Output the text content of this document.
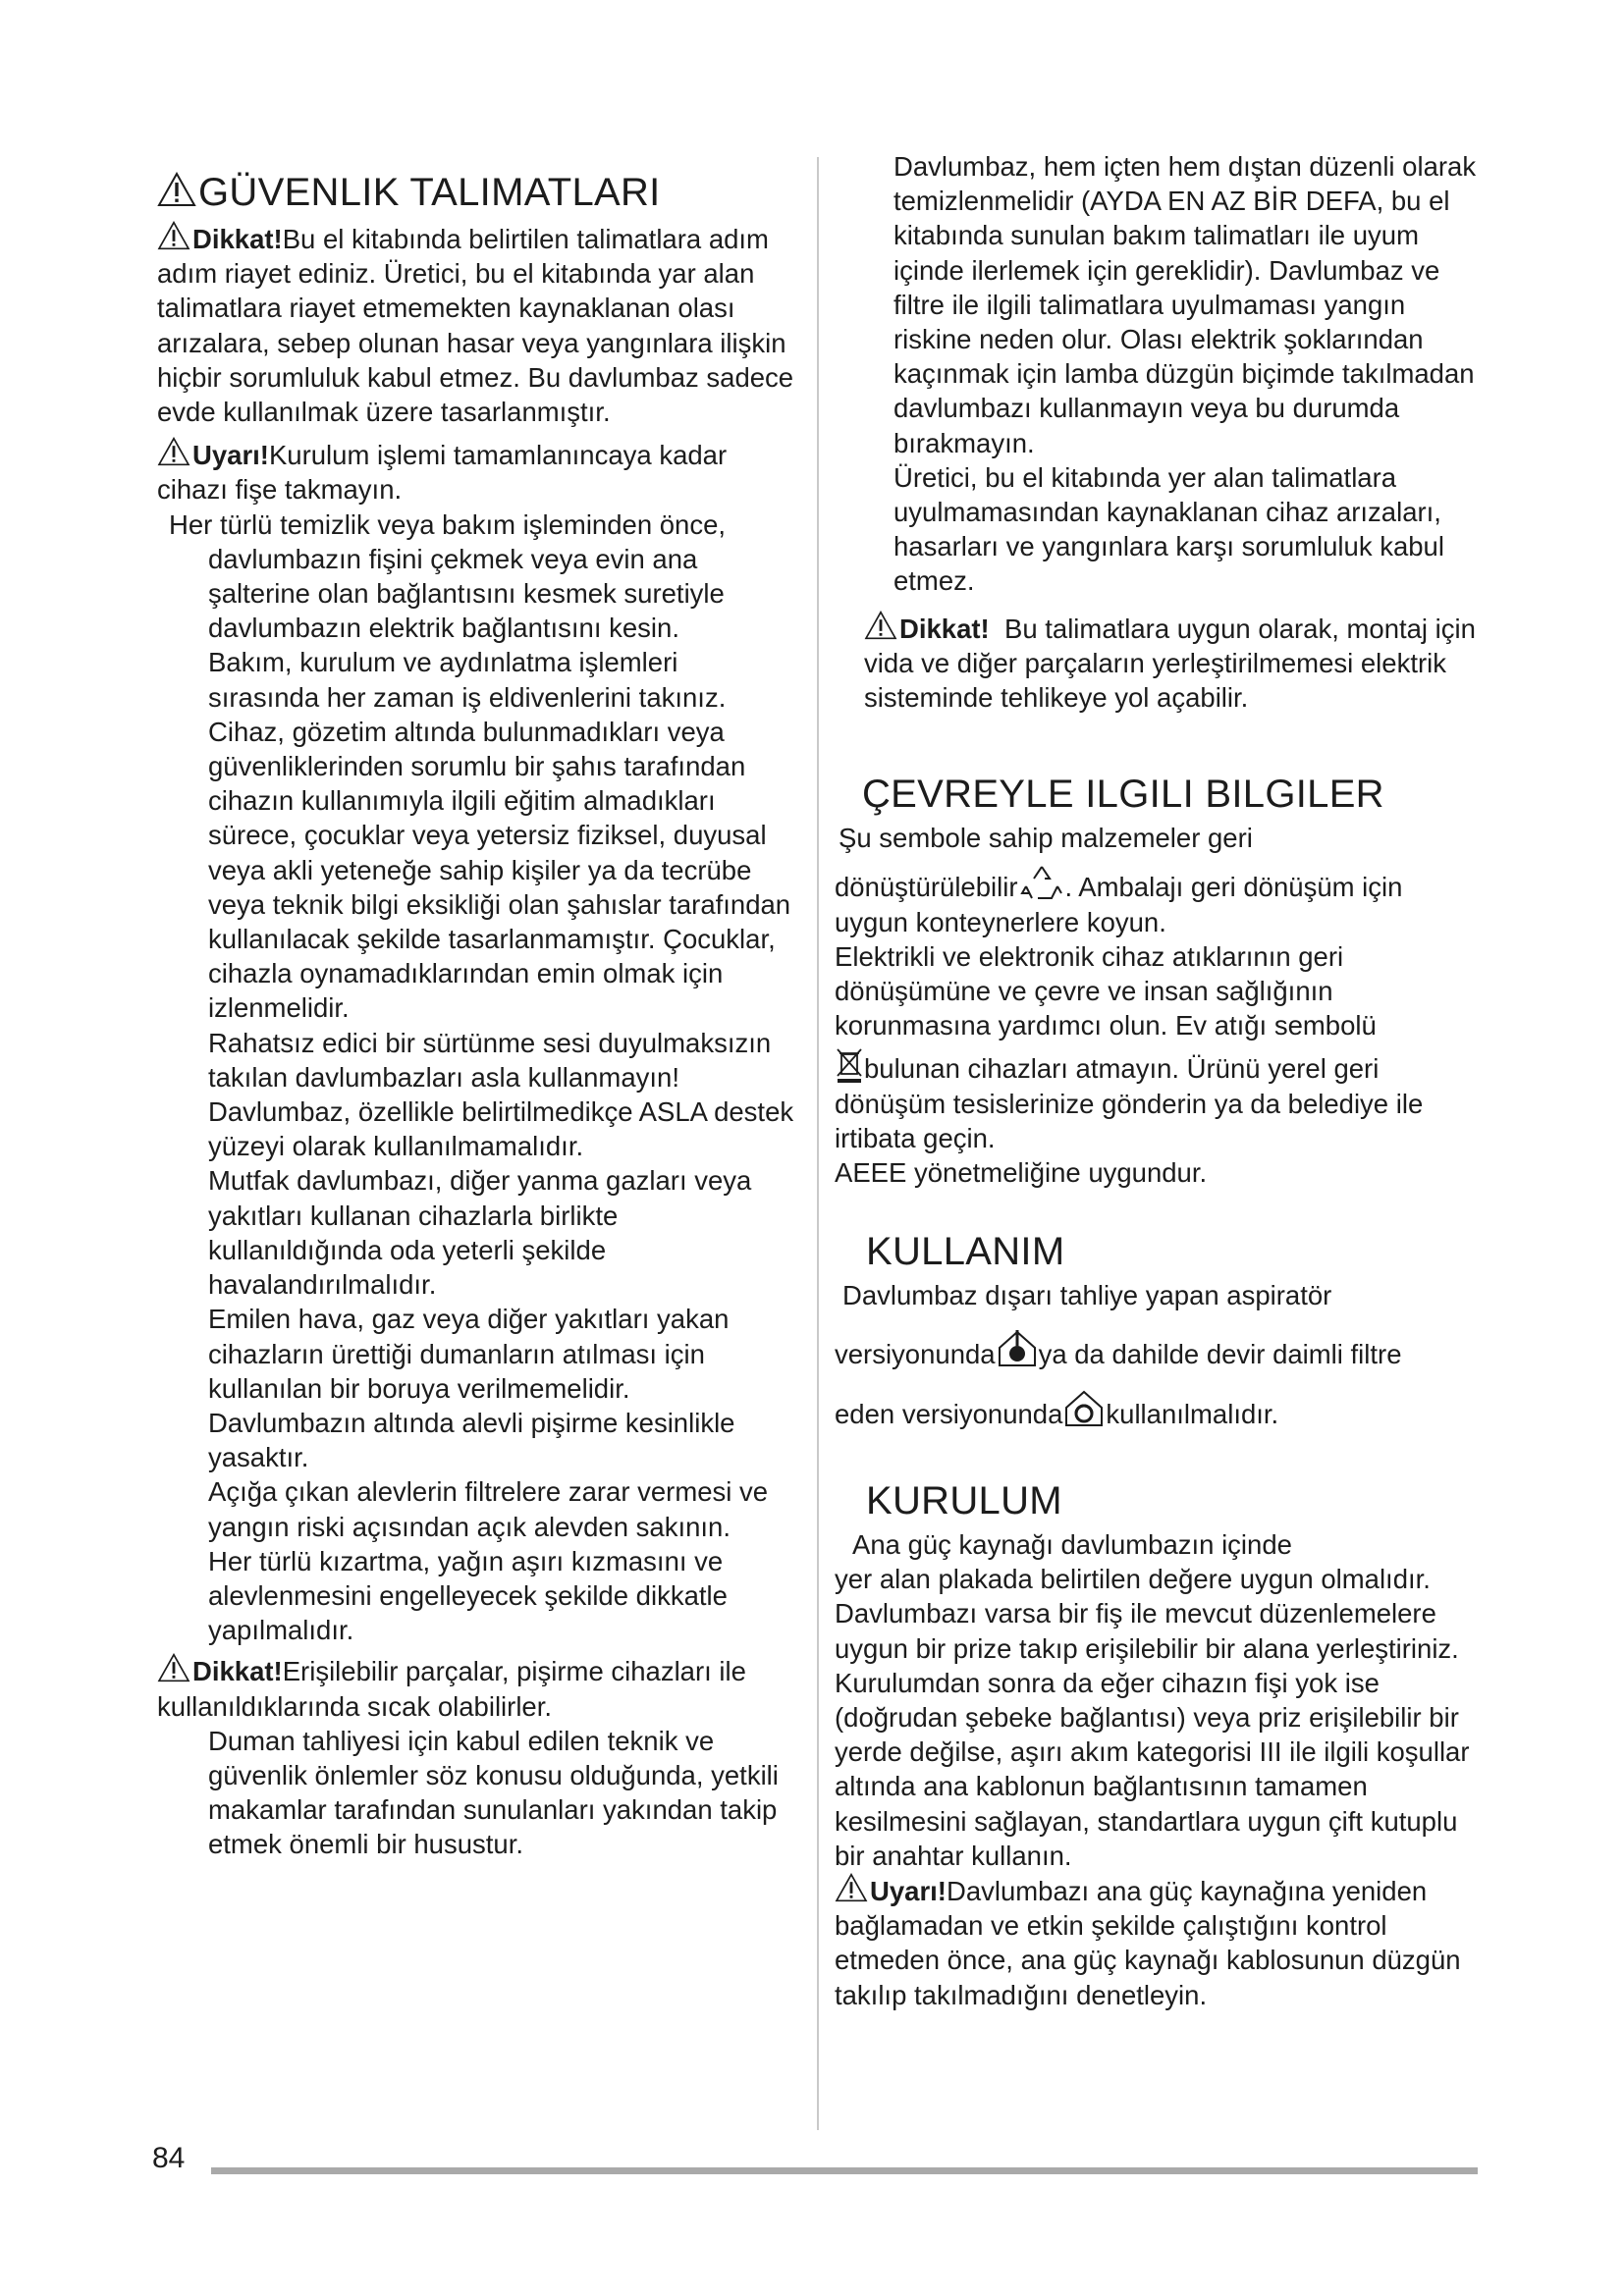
GÜVENLIK TALIMATLARI

Dikkat!Bu el kitabında belirtilen talimatlara adım adım riayet ediniz. Üretici, bu el kitabında yar alan talimatlara riayet etmemekten kaynaklanan olası arızalara, sebep olunan hasar veya yangınlara ilişkin hiçbir sorumluluk kabul etmez. Bu davlumbaz sadece evde kullanılmak üzere tasarlanmıştır.

Uyarı!Kurulum işlemi tamamlanıncaya kadar cihazı fişe takmayın.

Her türlü temizlik veya bakım işleminden önce, davlumbazın fişini çekmek veya evin ana şalterine olan bağlantısını kesmek suretiyle davlumbazın elektrik bağlantısını kesin.

Bakım, kurulum ve aydınlatma işlemleri sırasında her zaman iş eldivenlerini takınız. Cihaz, gözetim altında bulunmadıkları veya güvenliklerinden sorumlu bir şahıs tarafından cihazın kullanımıyla ilgili eğitim almadıkları sürece, çocuklar veya yetersiz fiziksel, duyusal veya akli yeteneğe sahip kişiler ya da tecrübe veya teknik bilgi eksikliği olan şahıslar tarafından kullanılacak şekilde tasarlanmamıştır. Çocuklar, cihazla oynamadıklarından emin olmak için izlenmelidir.

Rahatsız edici bir sürtünme sesi duyulmaksızın takılan davlumbazları asla kullanmayın!

Davlumbaz, özellikle belirtilmedikçe ASLA destek yüzeyi olarak kullanılmamalıdır.

Mutfak davlumbazı, diğer yanma gazları veya yakıtları kullanan cihazlarla birlikte kullanıldığında oda yeterli şekilde havalandırılmalıdır.

Emilen hava, gaz veya diğer yakıtları yakan cihazların ürettiği dumanların atılması için kullanılan bir boruya verilmemelidir.

Davlumbazın altında alevli pişirme kesinlikle yasaktır.

Açığa çıkan alevlerin filtrelere zarar vermesi ve yangın riski açısından açık alevden sakının.

Her türlü kızartma, yağın aşırı kızmasını ve alevlenmesini engelleyecek şekilde dikkatle yapılmalıdır.

Dikkat!Erişilebilir parçalar, pişirme cihazları ile kullanıldıklarında sıcak olabilirler.

Duman tahliyesi için kabul edilen teknik ve güvenlik önlemler söz konusu olduğunda, yetkili makamlar tarafından sunulanları yakından takip etmek önemli bir husustur.

Davlumbaz, hem içten hem dıştan düzenli olarak temizlenmelidir (AYDA EN AZ BİR DEFA, bu el kitabında sunulan bakım talimatları ile uyum içinde ilerlemek için gereklidir). Davlumbaz ve filtre ile ilgili talimatlara uyulmaması yangın riskine neden olur. Olası elektrik şoklarından kaçınmak için lamba düzgün biçimde takılmadan davlumbazı kullanmayın veya bu durumda bırakmayın.

Üretici, bu el kitabında yer alan talimatlara uyulmamasından kaynaklanan cihaz arızaları, hasarları ve yangınlara karşı sorumluluk kabul etmez.

Dikkat! Bu talimatlara uygun olarak, montaj için vida ve diğer parçaların yerleştirilmemesi elektrik sisteminde tehlikeye yol açabilir.

ÇEVREYLE ILGILI BILGILER

Şu sembole sahip malzemeler geri

dönüştürülebilir . Ambalajı geri dönüşüm için uygun konteynerlere koyun.

Elektrikli ve elektronik cihaz atıklarının geri dönüşümüne ve çevre ve insan sağlığının korunmasına yardımcı olun. Ev atığı sembolü

bulunan cihazları atmayın. Ürünü yerel geri dönüşüm tesislerinize gönderin ya da belediye ile irtibata geçin.

AEEE yönetmeliğine uygundur.

KULLANIM

Davlumbaz dışarı tahliye yapan aspiratör

versiyonunda ya da dahilde devir daimli filtre

eden versiyonunda kullanılmalıdır.

KURULUM

Ana güç kaynağı davlumbazın içinde

yer alan plakada belirtilen değere uygun olmalıdır. Davlumbazı varsa bir fiş ile mevcut düzenlemelere uygun bir prize takıp erişilebilir bir alana yerleştiriniz. Kurulumdan sonra da eğer cihazın fişi yok ise (doğrudan şebeke bağlantısı) veya priz erişilebilir bir yerde değilse, aşırı akım kategorisi III ile ilgili koşullar altında ana kablonun bağlantısının tamamen kesilmesini sağlayan, standartlara uygun çift kutuplu bir anahtar kullanın.

Uyarı!Davlumbazı ana güç kaynağına yeniden bağlamadan ve etkin şekilde çalıştığını kontrol etmeden önce, ana güç kaynağı kablosunun düzgün takılıp takılmadığını denetleyin.

84
